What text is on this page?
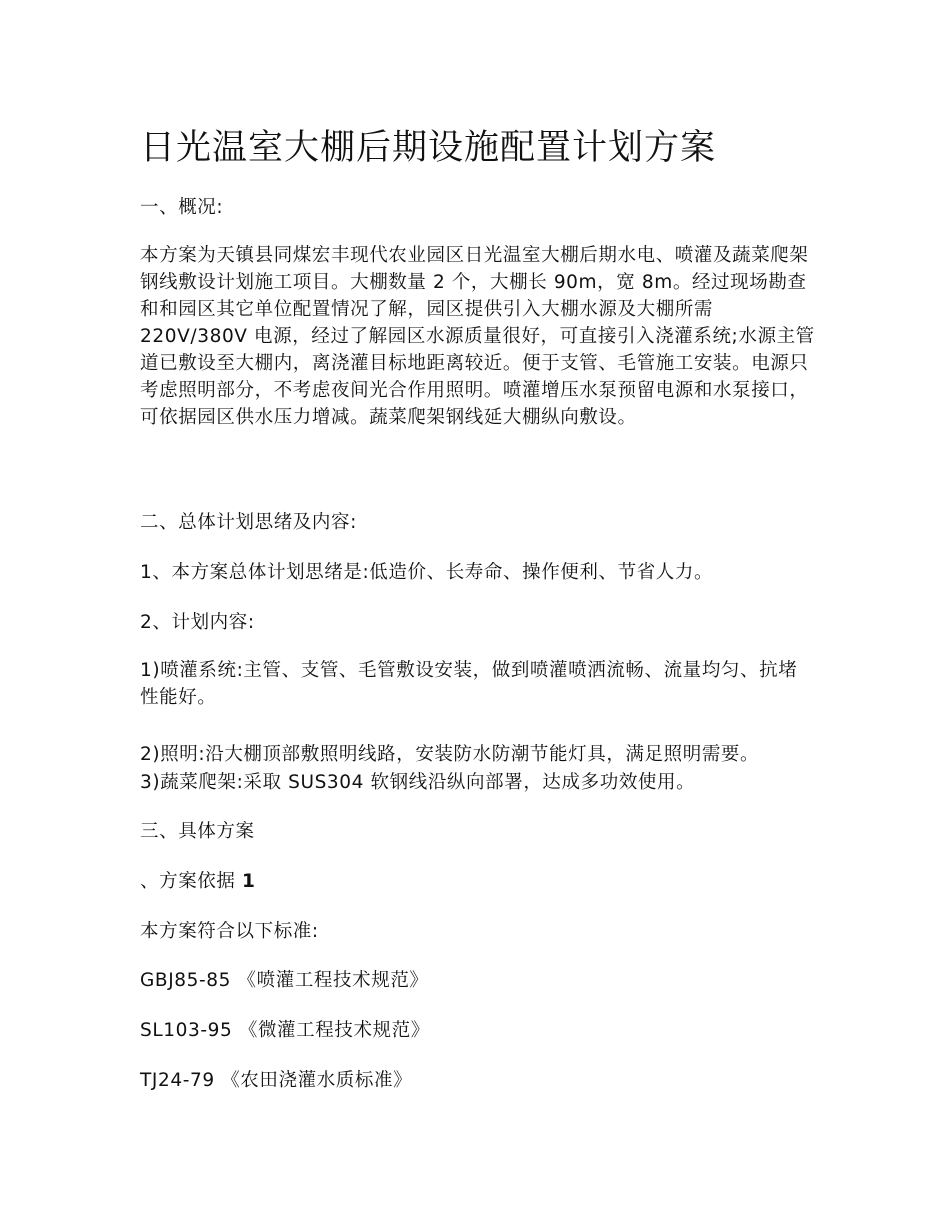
日光温室大棚后期设施配置计划方案

一、概况:

本方案为天镇县同煤宏丰现代农业园区日光温室大棚后期水电、喷灌及蔬菜爬架钢线敷设计划施工项目。大棚数量 2 个，大棚长 90m，宽 8m。经过现场勘查和和园区其它单位配置情况了解，园区提供引入大棚水源及大棚所需 220V/380V 电源，经过了解园区水源质量很好，可直接引入浇灌系统;水源主管道已敷设至大棚内，离浇灌目标地距离较近。便于支管、毛管施工安装。电源只考虑照明部分，不考虑夜间光合作用照明。喷灌增压水泵预留电源和水泵接口，可依据园区供水压力增减。蔬菜爬架钢线延大棚纵向敷设。

二、总体计划思绪及内容:

1、本方案总体计划思绪是:低造价、长寿命、操作便利、节省人力。

2、计划内容:

1)喷灌系统:主管、支管、毛管敷设安装，做到喷灌喷洒流畅、流量均匀、抗堵性能好。

2)照明:沿大棚顶部敷照明线路，安装防水防潮节能灯具，满足照明需要。

3)蔬菜爬架:采取 SUS304 软钢线沿纵向部署，达成多功效使用。

三、具体方案

、方案依据 1

本方案符合以下标准:

GBJ85-85 《喷灌工程技术规范》

SL103-95 《微灌工程技术规范》

TJ24-79 《农田浇灌水质标准》
